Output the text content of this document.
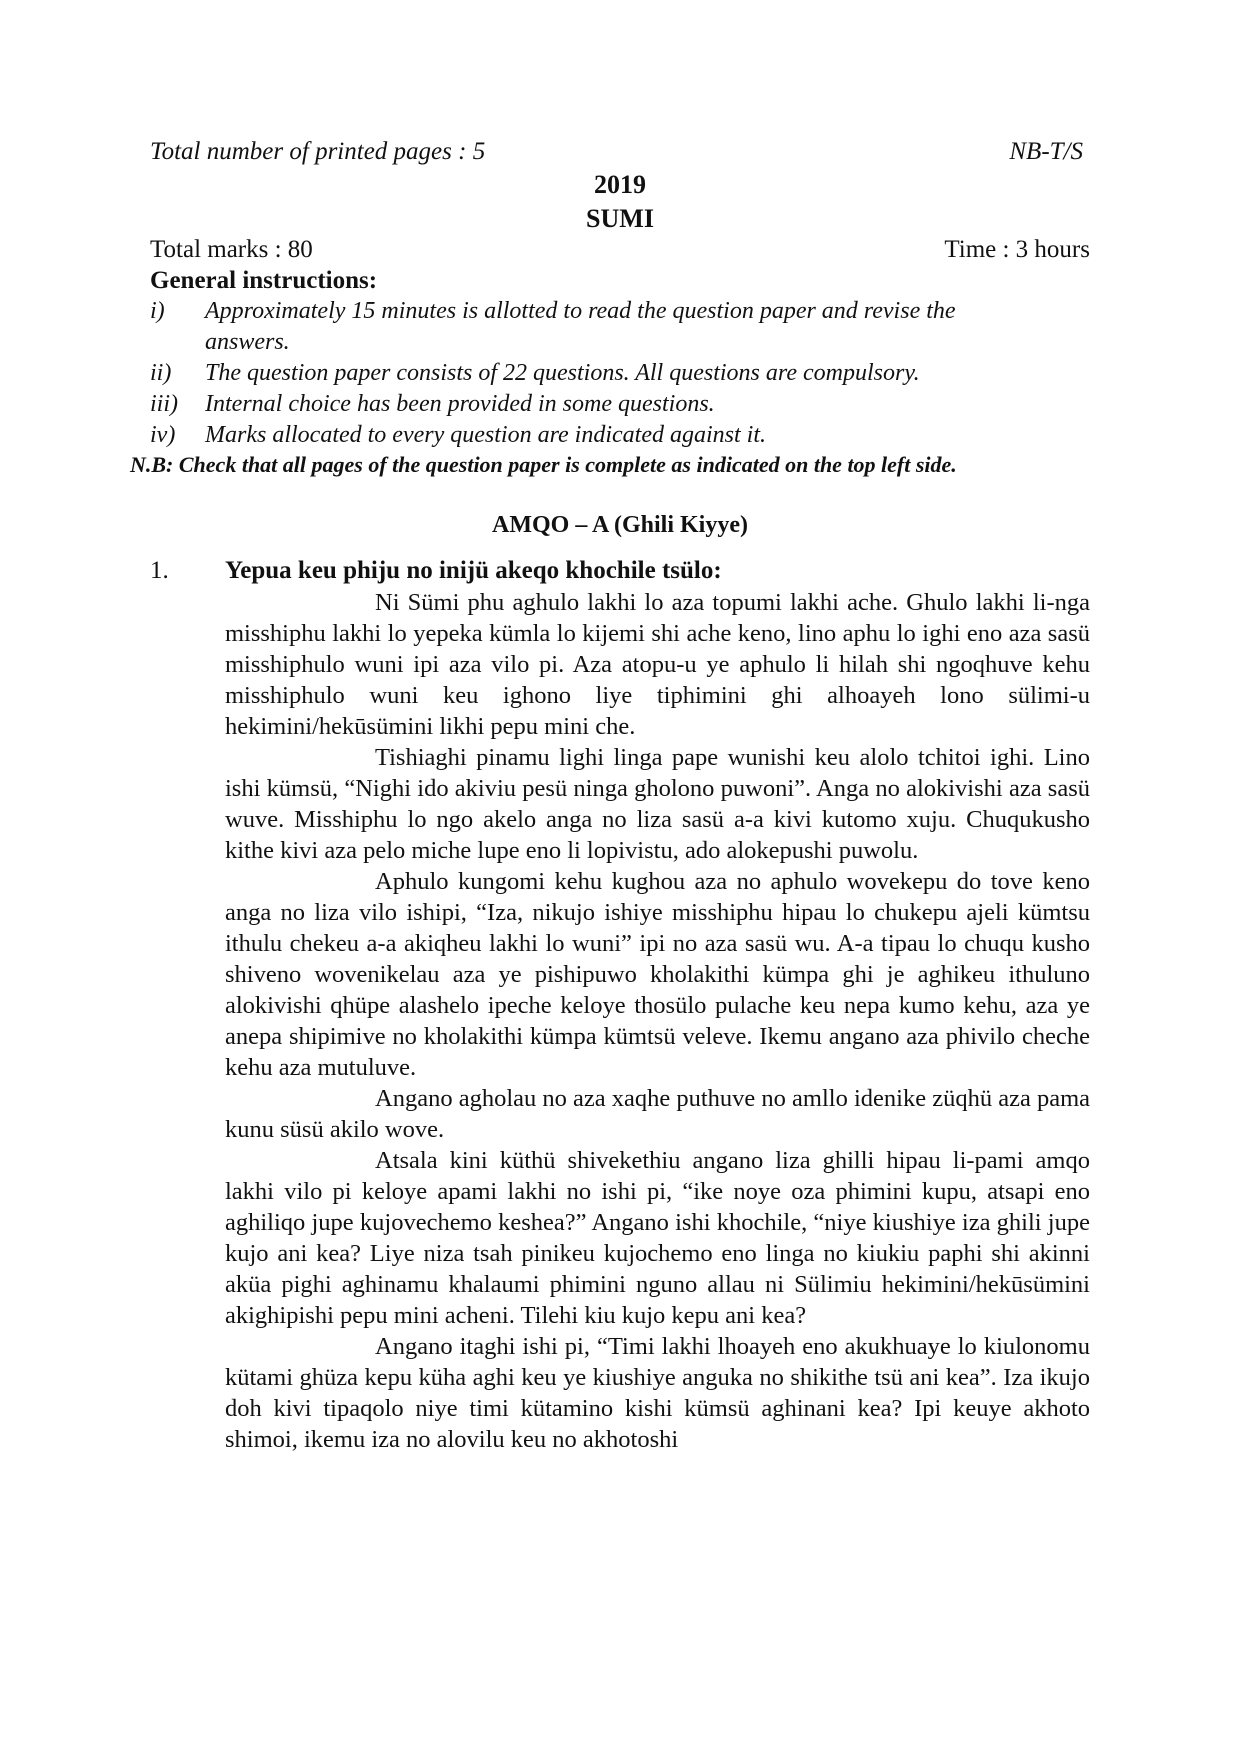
Total number of printed pages : 5	NB-T/S
2019
SUMI
Total marks : 80	Time : 3 hours
General instructions:
i)	Approximately 15 minutes is allotted to read the question paper and revise the
answers.
ii)	The question paper consists of 22 questions. All questions are compulsory.
iii)	Internal choice has been provided in some questions.
iv)	Marks allocated to every question are indicated against it.
N.B: Check that all pages of the question paper is complete as indicated on the top left side.
AMQO – A (Ghili Kiyye)
1. Yepua keu phiju no inijü akeqo khochile tsülo:

Ni Sümi phu aghulo lakhi lo aza topumi lakhi ache. Ghulo lakhi li-nga misshiphu lakhi lo yepeka kümla lo kijemi shi ache keno, lino aphu lo ighi eno aza sasü misshiphulo wuni ipi aza vilo pi. Aza atopu-u ye aphulo li hilah shi ngoqhuve kehu misshiphulo wuni keu ighono liye tiphimini ghi alhoayeh lono sülimi-u hekimini/hekūsümini likhi pepu mini che.

Tishiaghi pinamu lighi linga pape wunishi keu alolo tchitoi ighi. Lino ishi kümsü, “Nighi ido akiviu pesü ninga gholono puwoni”. Anga no alokivishi aza sasü wuve. Misshiphu lo ngo akelo anga no liza sasü a-a kivi kutomo xuju. Chuqukusho kithe kivi aza pelo miche lupe eno li lopivistu, ado alokepushi puwolu.

Aphulo kungomi kehu kughou aza no aphulo wovekepu do tove keno anga no liza vilo ishipi, “Iza, nikujo ishiye misshiphu hipau lo chukepu ajeli kümtsu ithulu chekeu a-a akiqheu lakhi lo wuni” ipi no aza sasü wu. A-a tipau lo chuqu kusho shiveno wovenikelau aza ye pishipuwo kholakithi kümpa ghi je aghikeu ithuluno alokivishi qhüpe alashelo ipeche keloye thosülo pulache keu nepa kumo kehu, aza ye anepa shipimive no kholakithi kümpa kümtsü veleve. Ikemu angano aza phivilo cheche kehu aza mutuluve.

Angano agholau no aza xaqhe puthuve no amllo idenike züqhü aza pama kunu süsü akilo wove.

Atsala kini küthü shivekethiu angano liza ghilli hipau li-pami amqo lakhi vilo pi keloye apami lakhi no ishi pi, “ike noye oza phimini kupu, atsapi eno aghiliqo jupe kujovechemo keshea?” Angano ishi khochile, “niye kiushiye iza ghili jupe kujo ani kea? Liye niza tsah pinikeu kujochemo eno linga no kiukiu paphi shi akinni aküa pighi aghinamu khalaumi phimini nguno allau ni Sülimiu hekimini/hekūsümini akighipishi pepu mini acheni. Tilehi kiu kujo kepu ani kea?

Angano itaghi ishi pi, “Timi lakhi lhoayeh eno akukhuaye lo kiulonomu kütami ghüza kepu küha aghi keu ye kiushiye anguka no shikithe tsü ani kea”. Iza ikujo doh kivi tipaqolo niye timi kütamino kishi kümsü aghinani kea? Ipi keuye akhoto shimoi, ikemu iza no alovilu keu no akhotoshi
